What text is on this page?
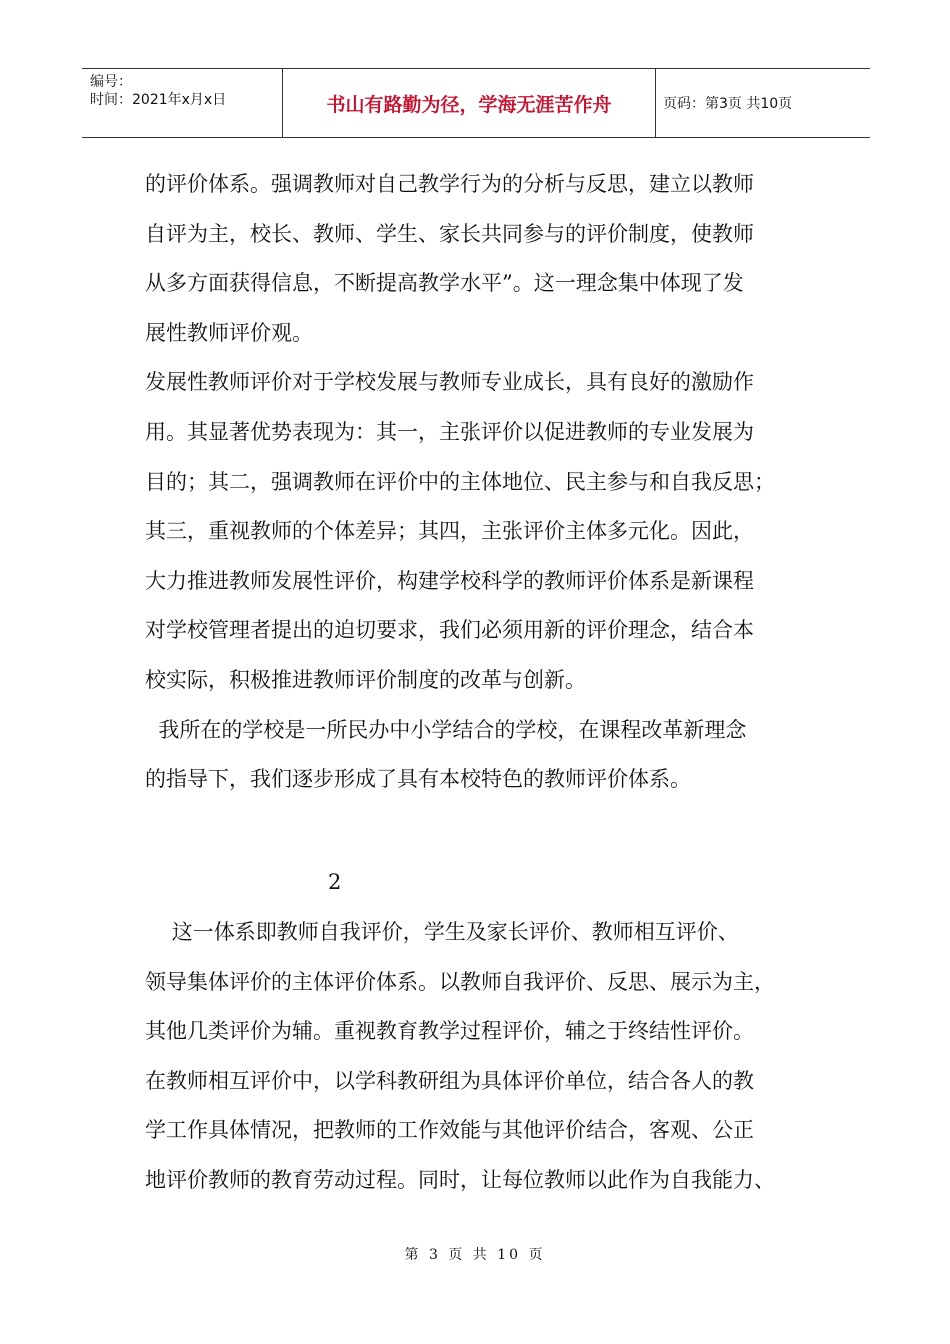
编号：
时间：2021年x月x日	书山有路勤为径，学海无涯苦作舟	页码：第3页 共10页
的评价体系。强调教师对自己教学行为的分析与反思，建立以教师
自评为主，校长、教师、学生、家长共同参与的评价制度，使教师
从多方面获得信息，不断提高教学水平”。这一理念集中体现了发
展性教师评价观。
发展性教师评价对于学校发展与教师专业成长，具有良好的激励作
用。其显著优势表现为：其一，主张评价以促进教师的专业发展为
目的；其二，强调教师在评价中的主体地位、民主参与和自我反思；
其三，重视教师的个体差异；其四，主张评价主体多元化。因此，
大力推进教师发展性评价，构建学校科学的教师评价体系是新课程
对学校管理者提出的迫切要求，我们必须用新的评价理念，结合本
校实际，积极推进教师评价制度的改革与创新。
我所在的学校是一所民办中小学结合的学校，在课程改革新理念
的指导下，我们逐步形成了具有本校特色的教师评价体系。
2
这一体系即教师自我评价，学生及家长评价、教师相互评价、
领导集体评价的主体评价体系。以教师自我评价、反思、展示为主，
其他几类评价为辅。重视教育教学过程评价，辅之于终结性评价。
在教师相互评价中，以学科教研组为具体评价单位，结合各人的教
学工作具体情况，把教师的工作效能与其他评价结合，客观、公正
地评价教师的教育劳动过程。同时，让每位教师以此作为自我能力、
第 3 页 共 10 页
